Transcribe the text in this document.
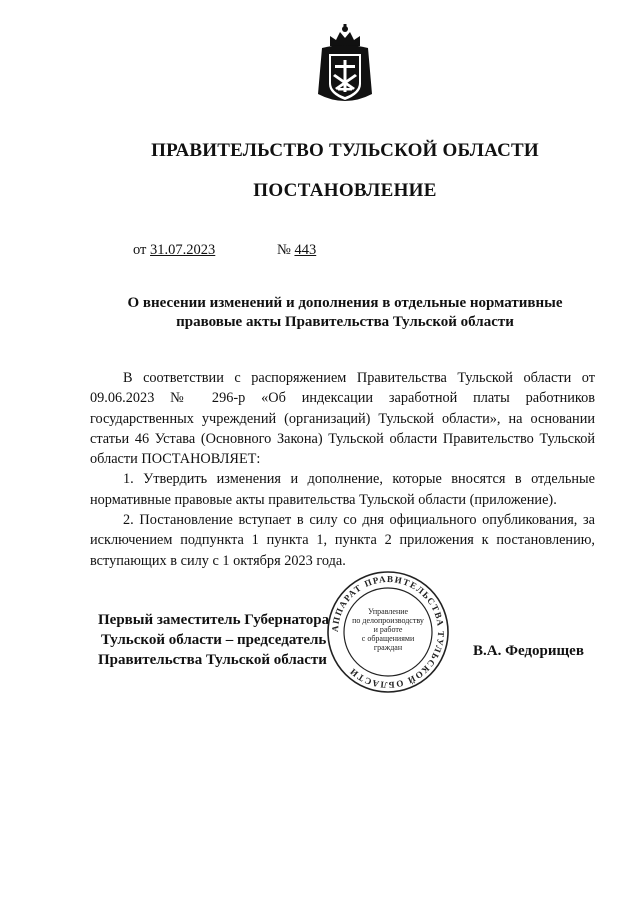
ПРАВИТЕЛЬСТВО ТУЛЬСКОЙ ОБЛАСТИ
ПОСТАНОВЛЕНИЕ
от 31.07.2023	№ 443
О внесении изменений и дополнения в отдельные нормативные
правовые акты Правительства Тульской области

В соответствии с распоряжением Правительства Тульской области от 09.06.2023 № 296-р «Об индексации заработной платы работников государственных учреждений (организаций) Тульской области», на основании статьи 46 Устава (Основного Закона) Тульской области Правительство Тульской области ПОСТАНОВЛЯЕТ:

1. Утвердить изменения и дополнение, которые вносятся в отдельные нормативные правовые акты правительства Тульской области (приложение).

2. Постановление вступает в силу со дня официального опубликования, за исключением подпункта 1 пункта 1, пункта 2 приложения к постановлению, вступающих в силу с 1 октября 2023 года.

Первый заместитель Губернатора
Тульской области – председатель
Правительства Тульской области
В.А. Федорищев
АППАРАТ ПРАВИТЕЛЬСТВА ТУЛЬСКОЙ ОБЛАСТИ
Управление
по делопроизводству
и работе
с обращениями
граждан
